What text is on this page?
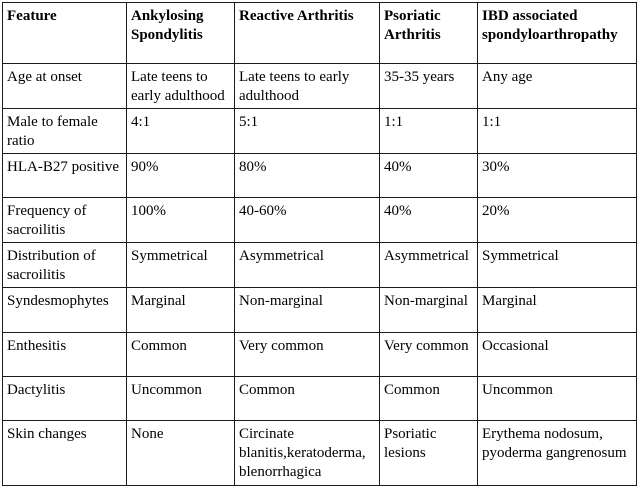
Feature	Ankylosing Spondylitis	Reactive Arthritis	Psoriatic Arthritis	IBD associated spondyloarthropathy
Age at onset	Late teens to early adulthood	Late teens to early adulthood	35-35 years	Any age
Male to female ratio	4:1	5:1	1:1	1:1
HLA-B27 positive	90%	80%	40%	30%
Frequency of sacroilitis	100%	40-60%	40%	20%
Distribution of sacroilitis	Symmetrical	Asymmetrical	Asymmetrical	Symmetrical
Syndesmophytes	Marginal	Non-marginal	Non-marginal	Marginal
Enthesitis	Common	Very common	Very common	Occasional
Dactylitis	Uncommon	Common	Common	Uncommon
Skin changes	None	Circinate blanitis,keratoderma, blenorrhagica	Psoriatic lesions	Erythema nodosum, pyoderma gangrenosum
